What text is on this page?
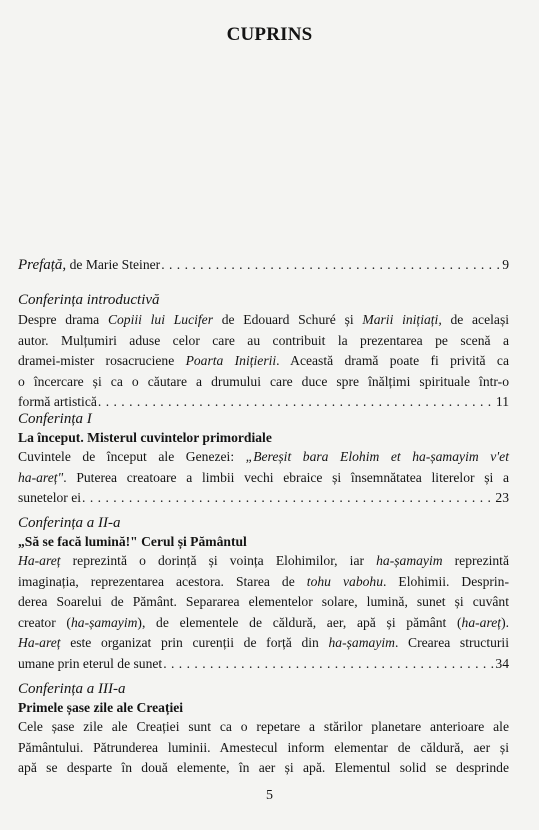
CUPRINS
Prefață, de Marie Steiner . . .	9
Conferința introductivă
Despre drama Copiii lui Lucifer de Edouard Schuré și Marii inițiați, de același
autor. Mulțumiri aduse celor care au contribuit la prezentarea pe scenă a
dramei-mister rosacruciene Poarta Inițierii. Această dramă poate fi privită ca
o încercare și ca o căutare a drumului care duce spre înălțimi spirituale într-o
formă artistică . . .	11
Conferința I
La început. Misterul cuvintelor primordiale
Cuvintele de început ale Genezei: „Bereșit bara Elohim et ha-șamayim v'et
ha-areț". Puterea creatoare a limbii vechi ebraice și însemnătatea literelor și a
sunetelor ei . . .	23
Conferința a II-a
„Să se facă lumină!" Cerul și Pământul
Ha-areț reprezintă o dorință și voința Elohimilor, iar ha-șamayim reprezintă
imaginația, reprezentarea acestora. Starea de tohu vabohu. Elohimii. Desprin-
derea Soarelui de Pământ. Separarea elementelor solare, lumină, sunet și cuvânt
creator (ha-șamayim), de elementele de căldură, aer, apă și pământ (ha-areț).
Ha-areț este organizat prin curenții de forță din ha-șamayim. Crearea structurii
umane prin eterul de sunet . . .	34
Conferința a III-a
Primele șase zile ale Creației
Cele șase zile ale Creației sunt ca o repetare a stărilor planetare anterioare ale
Pământului. Pătrunderea luminii. Amestecul inform elementar de căldură, aer și
apă se desparte în două elemente, în aer și apă. Elementul solid se desprinde
5
